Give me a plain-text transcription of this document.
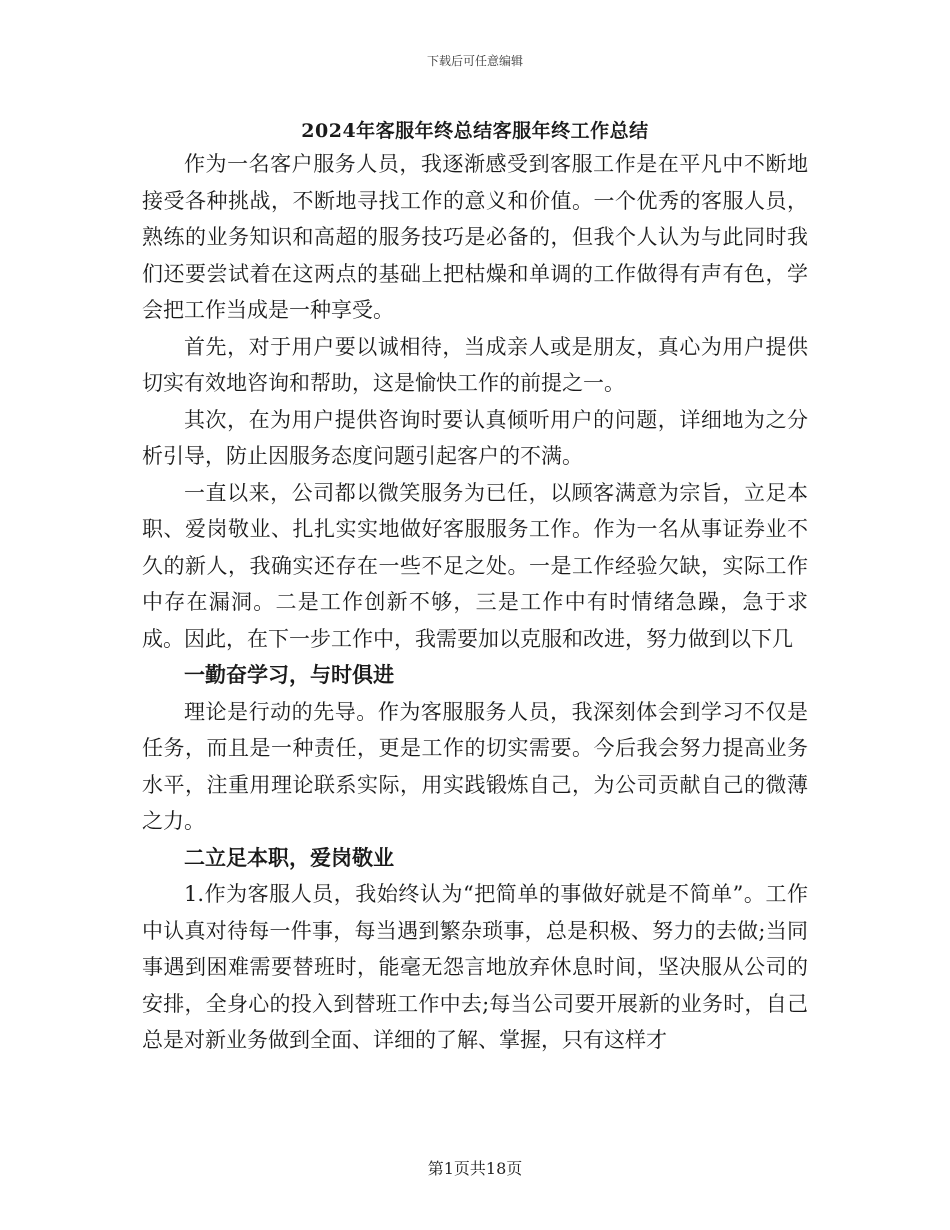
下载后可任意编辑
2024年客服年终总结客服年终工作总结

作为一名客户服务人员，我逐渐感受到客服工作是在平凡中不断地接受各种挑战，不断地寻找工作的意义和价值。一个优秀的客服人员，熟练的业务知识和高超的服务技巧是必备的，但我个人认为与此同时我们还要尝试着在这两点的基础上把枯燥和单调的工作做得有声有色，学会把工作当成是一种享受。

首先，对于用户要以诚相待，当成亲人或是朋友，真心为用户提供切实有效地咨询和帮助，这是愉快工作的前提之一。

其次，在为用户提供咨询时要认真倾听用户的问题，详细地为之分析引导，防止因服务态度问题引起客户的不满。

一直以来，公司都以微笑服务为已任，以顾客满意为宗旨，立足本职、爱岗敬业、扎扎实实地做好客服服务工作。作为一名从事证券业不久的新人，我确实还存在一些不足之处。一是工作经验欠缺，实际工作中存在漏洞。二是工作创新不够，三是工作中有时情绪急躁，急于求成。因此，在下一步工作中，我需要加以克服和改进，努力做到以下几

一勤奋学习，与时俱进

理论是行动的先导。作为客服服务人员，我深刻体会到学习不仅是任务，而且是一种责任，更是工作的切实需要。今后我会努力提高业务水平，注重用理论联系实际，用实践锻炼自己，为公司贡献自己的微薄之力。

二立足本职，爱岗敬业

1.作为客服人员，我始终认为“把简单的事做好就是不简单”。工作中认真对待每一件事，每当遇到繁杂琐事，总是积极、努力的去做;当同事遇到困难需要替班时，能毫无怨言地放弃休息时间，坚决服从公司的安排，全身心的投入到替班工作中去;每当公司要开展新的业务时，自己总是对新业务做到全面、详细的了解、掌握，只有这样才

第1页共18页
